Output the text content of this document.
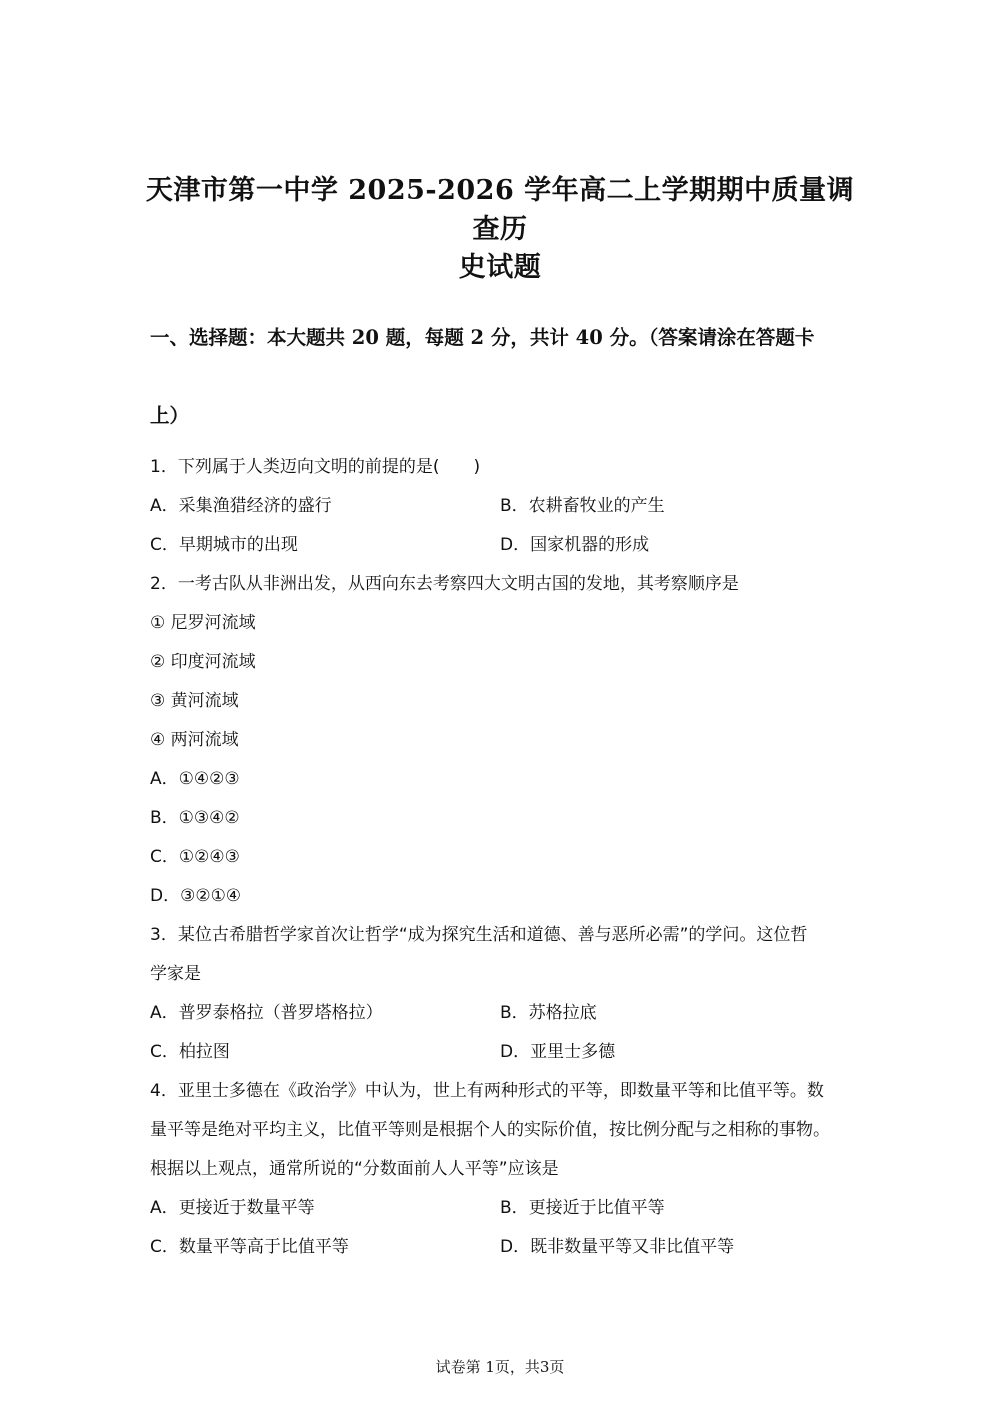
天津市第一中学 2025-2026 学年高二上学期期中质量调查历
史试题
一、选择题：本大题共 20 题，每题 2 分，共计 40 分。（答案请涂在答题卡
上）
1．下列属于人类迈向文明的前提的是(　　)
A．采集渔猎经济的盛行	B．农耕畜牧业的产生
C．早期城市的出现	D．国家机器的形成
2．一考古队从非洲出发，从西向东去考察四大文明古国的发地，其考察顺序是
① 尼罗河流域
② 印度河流域
③ 黄河流域
④ 两河流域
A．①④②③
B．①③④②
C．①②④③
D．③②①④
3．某位古希腊哲学家首次让哲学“成为探究生活和道德、善与恶所必需”的学问。这位哲
学家是
A．普罗泰格拉（普罗塔格拉）	B．苏格拉底
C．柏拉图	D．亚里士多德
4．亚里士多德在《政治学》中认为，世上有两种形式的平等，即数量平等和比值平等。数
量平等是绝对平均主义，比值平等则是根据个人的实际价值，按比例分配与之相称的事物。
根据以上观点，通常所说的“分数面前人人平等”应该是
A．更接近于数量平等	B．更接近于比值平等
C．数量平等高于比值平等	D．既非数量平等又非比值平等
试卷第 1页，共3页
